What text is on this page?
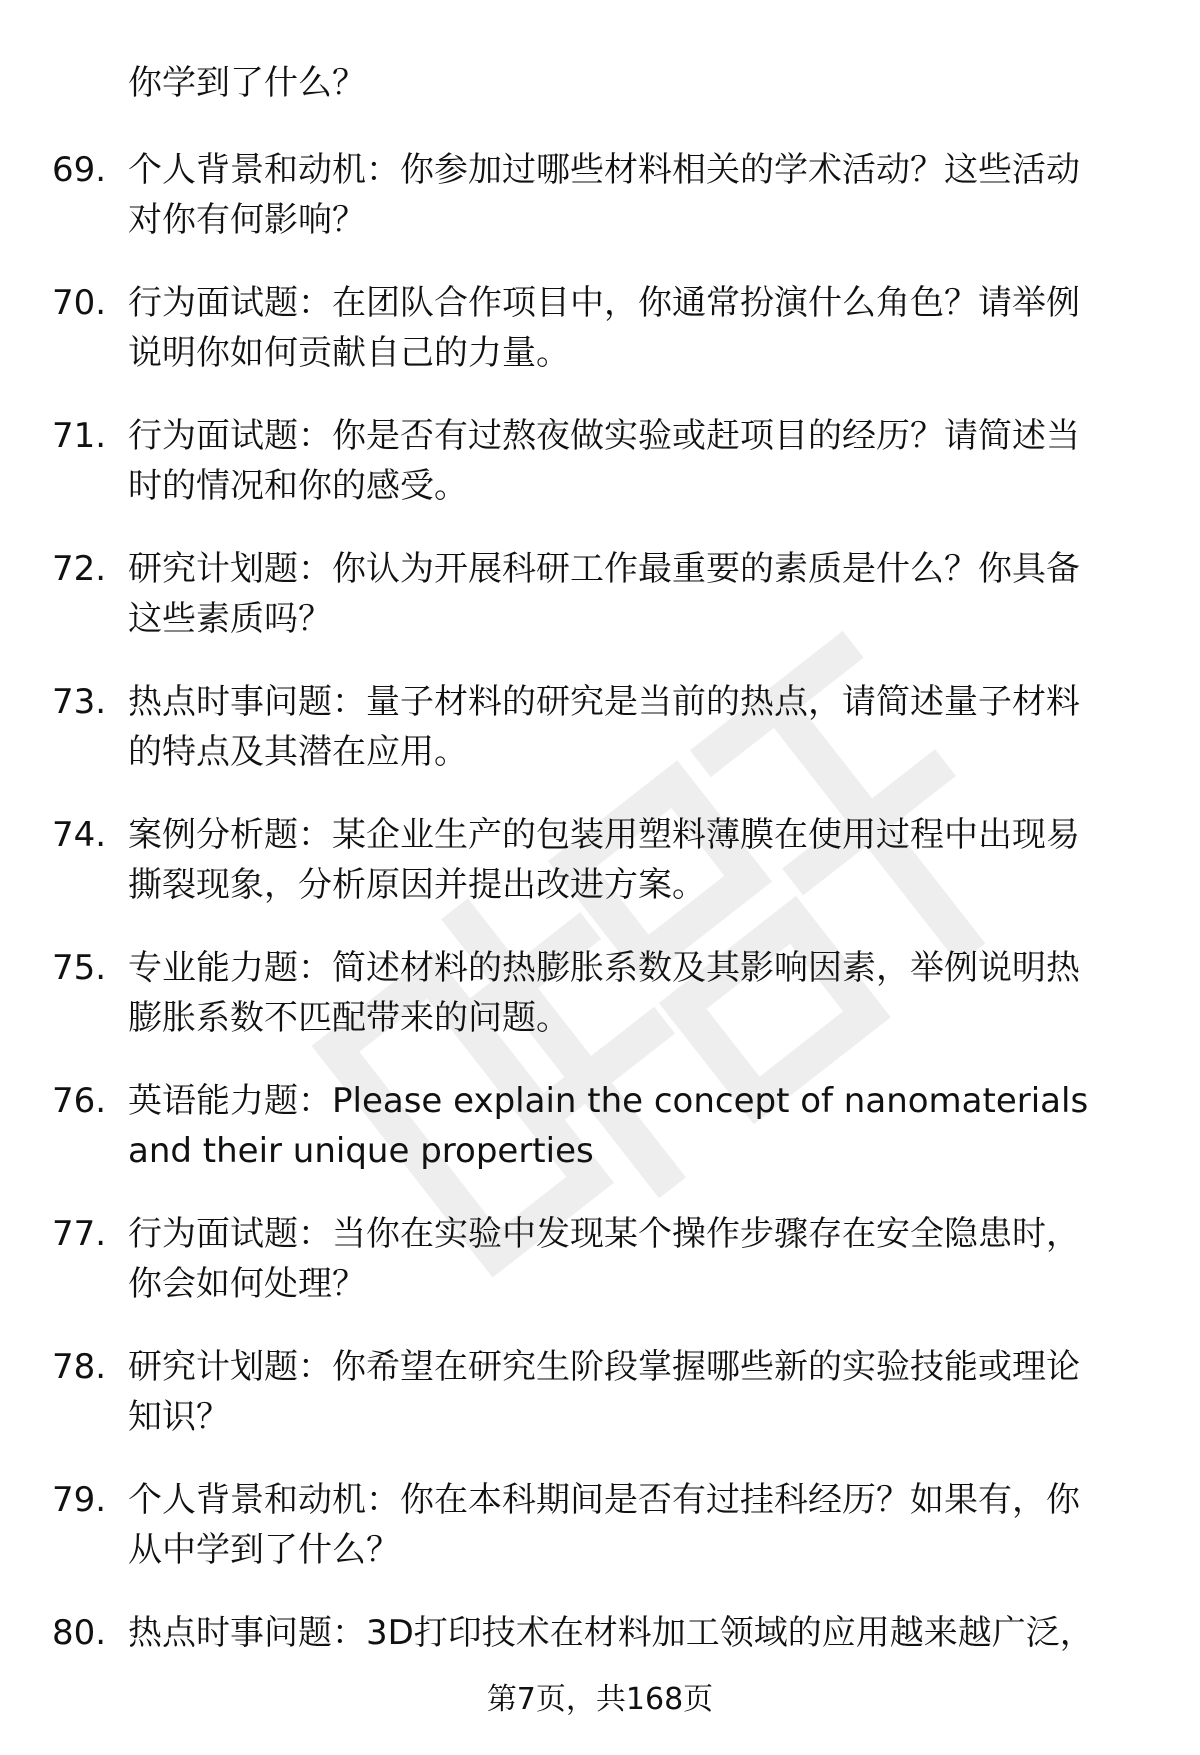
你学到了什么？
69. 个人背景和动机：你参加过哪些材料相关的学术活动？这些活动
对你有何影响？
70. 行为面试题：在团队合作项目中，你通常扮演什么角色？请举例
说明你如何贡献自己的力量。
71. 行为面试题：你是否有过熬夜做实验或赶项目的经历？请简述当
时的情况和你的感受。
72. 研究计划题：你认为开展科研工作最重要的素质是什么？你具备
这些素质吗？
73. 热点时事问题：量子材料的研究是当前的热点，请简述量子材料
的特点及其潜在应用。
74. 案例分析题：某企业生产的包装用塑料薄膜在使用过程中出现易
撕裂现象，分析原因并提出改进方案。
75. 专业能力题：简述材料的热膨胀系数及其影响因素，举例说明热
膨胀系数不匹配带来的问题。
76. 英语能力题：Please explain the concept of nanomaterials
and their unique properties
77. 行为面试题：当你在实验中发现某个操作步骤存在安全隐患时，
你会如何处理？
78. 研究计划题：你希望在研究生阶段掌握哪些新的实验技能或理论
知识？
79. 个人背景和动机：你在本科期间是否有过挂科经历？如果有，你
从中学到了什么？
80. 热点时事问题：3D打印技术在材料加工领域的应用越来越广泛，
第7页，共168页
